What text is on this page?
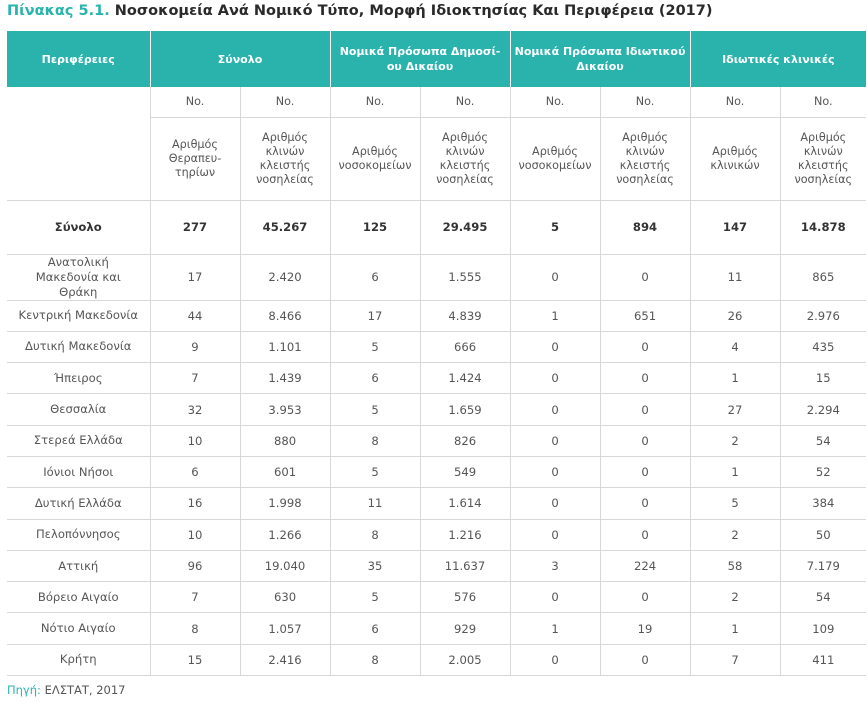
Πίνακας 5.1. Νοσοκομεία Ανά Νομικό Τύπο, Μορφή Ιδιοκτησίας Και Περιφέρεια (2017)
Περιφέρειες	Σύνολο		Νομικά Πρόσωπα Δημοσί-ου Δικαίου		Νομικά Πρόσωπα Ιδιωτικού Δικαίου		Ιδιωτικές κλινικές	
	No.	No.	No.	No.	No.	No.	No.	No.
	Αριθμός Θεραπευ-τηρίων	Αριθμός κλινών κλειστής νοσηλείας	Αριθμός νοσοκομείων	Αριθμός κλινών κλειστής νοσηλείας	Αριθμός νοσοκομείων	Αριθμός κλινών κλειστής νοσηλείας	Αριθμός κλινικών	Αριθμός κλινών κλειστής νοσηλείας
Σύνολο	277	45.267	125	29.495	5	894	147	14.878
Ανατολική Μακεδονία και Θράκη	17	2.420	6	1.555	0	0	11	865
Κεντρική Μακεδονία	44	8.466	17	4.839	1	651	26	2.976
Δυτική Μακεδονία	9	1.101	5	666	0	0	4	435
Ήπειρος	7	1.439	6	1.424	0	0	1	15
Θεσσαλία	32	3.953	5	1.659	0	0	27	2.294
Στερεά Ελλάδα	10	880	8	826	0	0	2	54
Ιόνιοι Νήσοι	6	601	5	549	0	0	1	52
Δυτική Ελλάδα	16	1.998	11	1.614	0	0	5	384
Πελοπόννησος	10	1.266	8	1.216	0	0	2	50
Αττική	96	19.040	35	11.637	3	224	58	7.179
Βόρειο Αιγαίο	7	630	5	576	0	0	2	54
Νότιο Αιγαίο	8	1.057	6	929	1	19	1	109
Κρήτη	15	2.416	8	2.005	0	0	7	411
Πηγή: ΕΛΣΤΑΤ, 2017
